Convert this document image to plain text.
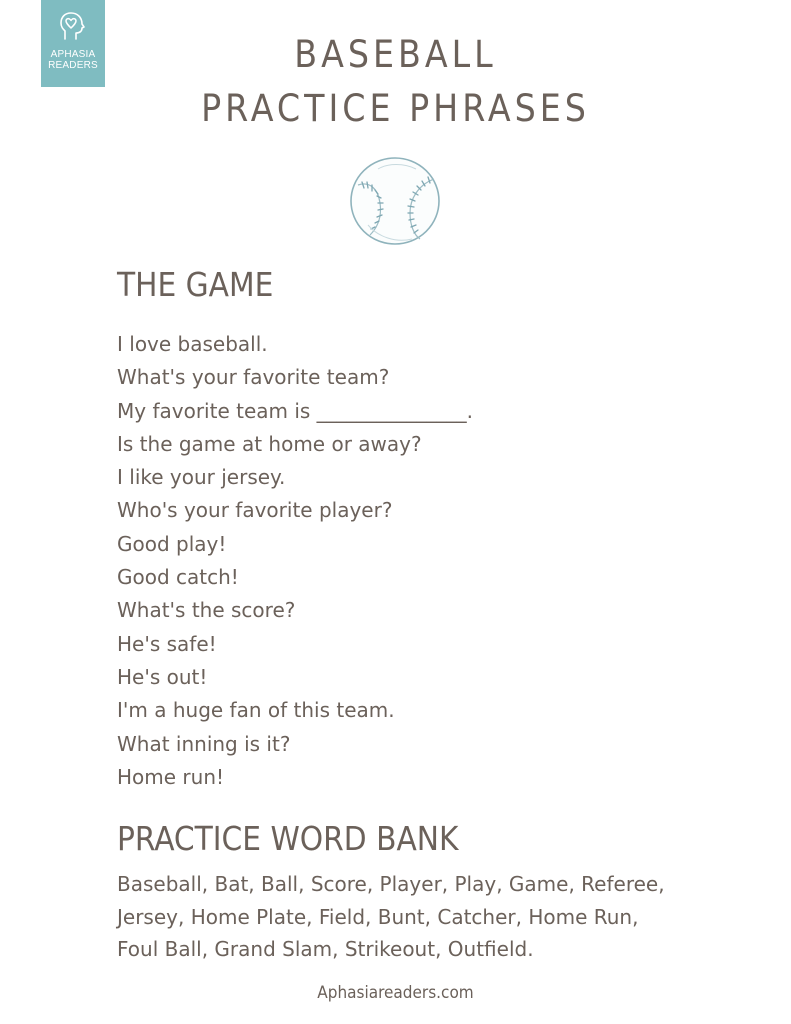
APHASIA
READERS	BASEBALL
PRACTICE PHRASES
THE GAME
I love baseball.
What's your favorite team?
My favorite team is _______________.
Is the game at home or away?
I like your jersey.
Who's your favorite player?
Good play!
Good catch!
What's the score?
He's safe!
He's out!
I'm a huge fan of this team.
What inning is it?
Home run!
PRACTICE WORD BANK
Baseball, Bat, Ball, Score, Player, Play, Game, Referee,
Jersey, Home Plate, Field, Bunt, Catcher, Home Run,
Foul Ball, Grand Slam, Strikeout, Outfield.
Aphasiareaders.com
